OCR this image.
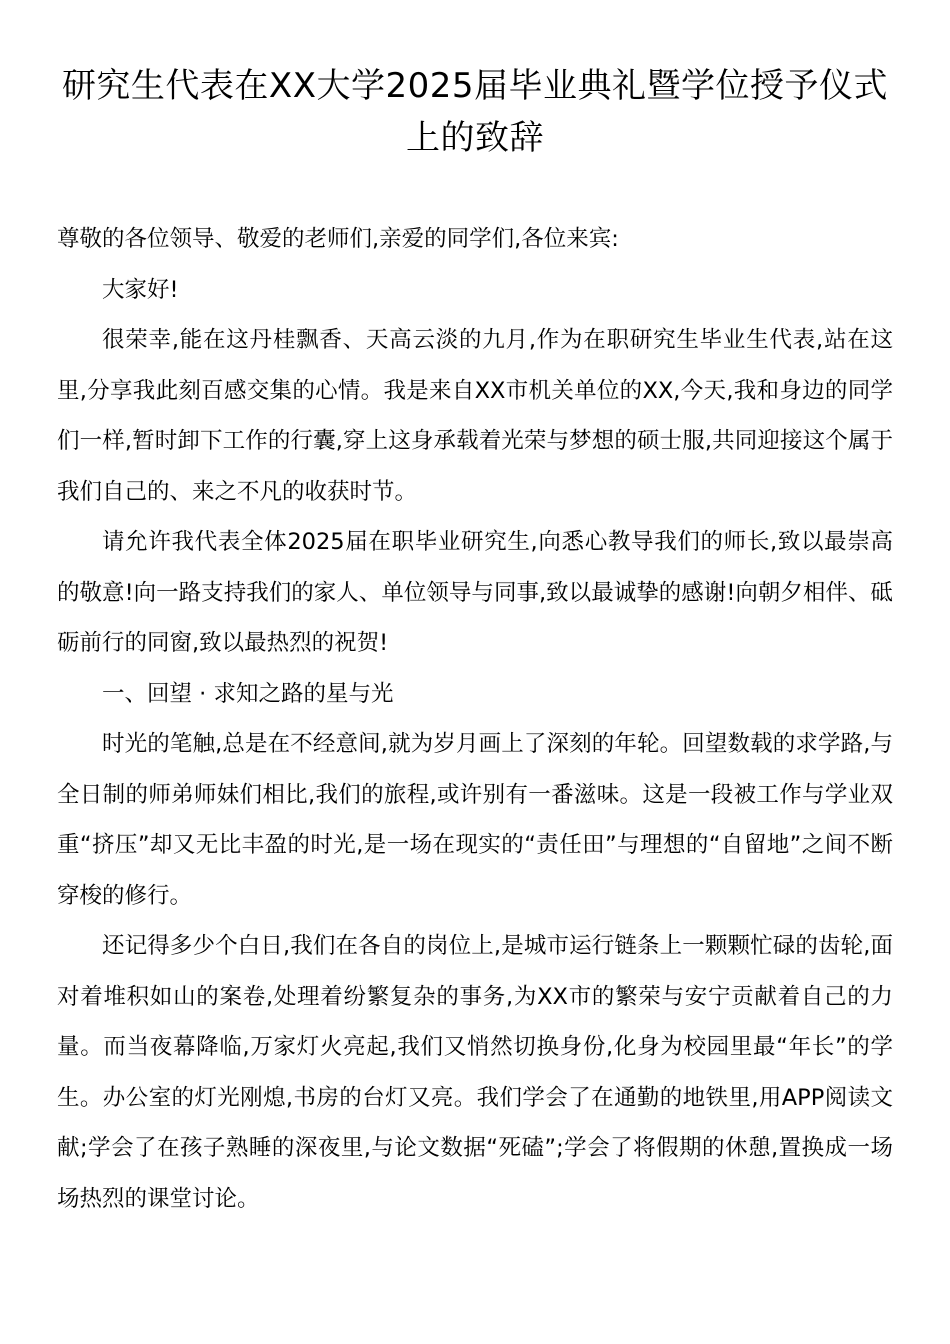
研究生代表在XX大学2025届毕业典礼暨学位授予仪式上的致辞

尊敬的各位领导、敬爱的老师们,亲爱的同学们,各位来宾:

大家好!

很荣幸,能在这丹桂飘香、天高云淡的九月,作为在职研究生毕业生代表,站在这里,分享我此刻百感交集的心情。我是来自XX市机关单位的XX,今天,我和身边的同学们一样,暂时卸下工作的行囊,穿上这身承载着光荣与梦想的硕士服,共同迎接这个属于我们自己的、来之不凡的收获时节。

请允许我代表全体2025届在职毕业研究生,向悉心教导我们的师长,致以最崇高的敬意!向一路支持我们的家人、单位领导与同事,致以最诚挚的感谢!向朝夕相伴、砥砺前行的同窗,致以最热烈的祝贺!

一、回望 · 求知之路的星与光

时光的笔触,总是在不经意间,就为岁月画上了深刻的年轮。回望数载的求学路,与全日制的师弟师妹们相比,我们的旅程,或许别有一番滋味。这是一段被工作与学业双重“挤压”却又无比丰盈的时光,是一场在现实的“责任田”与理想的“自留地”之间不断穿梭的修行。

还记得多少个白日,我们在各自的岗位上,是城市运行链条上一颗颗忙碌的齿轮,面对着堆积如山的案卷,处理着纷繁复杂的事务,为XX市的繁荣与安宁贡献着自己的力量。而当夜幕降临,万家灯火亮起,我们又悄然切换身份,化身为校园里最“年长”的学生。办公室的灯光刚熄,书房的台灯又亮。我们学会了在通勤的地铁里,用APP阅读文献;学会了在孩子熟睡的深夜里,与论文数据“死磕”;学会了将假期的休憩,置换成一场场热烈的课堂讨论。
